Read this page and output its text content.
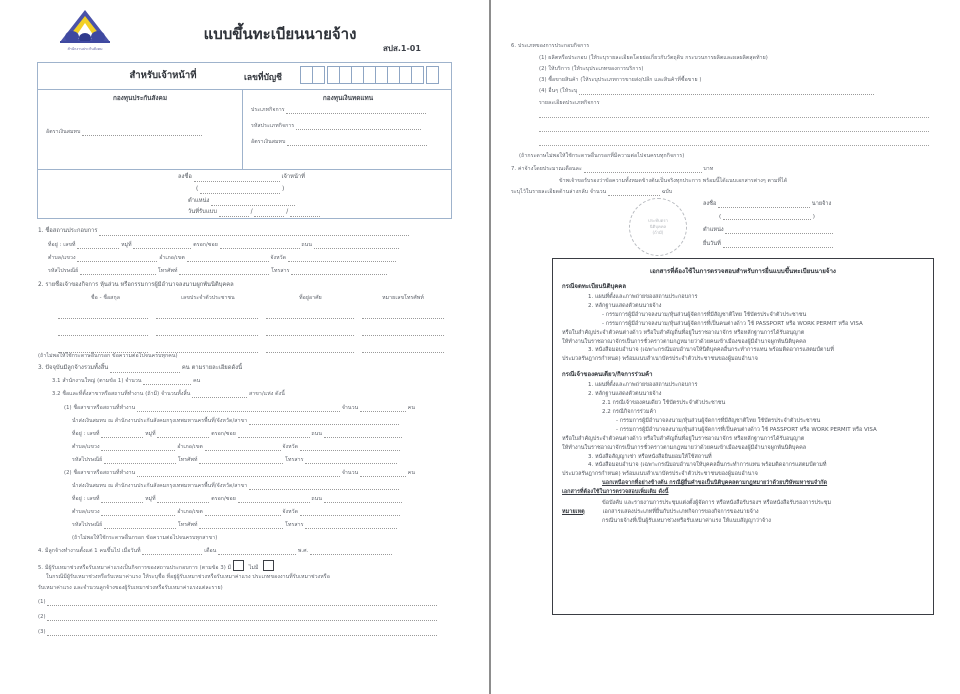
สำนักงานประกันสังคม
แบบขึ้นทะเบียนนายจ้าง
สปส.1-01
สำหรับเจ้าหน้าที่	เลขที่บัญชี
กองทุนประกันสังคม
อัตราเงินสมทบ
กองทุนเงินทดแทน
ประเภทกิจการ
รหัสประเภทกิจการ
อัตราเงินสมทบ
ลงชื่อ	เจ้าหน้าที่
(	)
ตำแหน่ง
วันที่รับแบบ	/	/
1. ชื่อสถานประกอบการ
ที่อยู่ : เลขที่	หมู่ที่	ตรอก/ซอย	ถนน
ตำบล/แขวง	อำเภอ/เขต	จังหวัด
รหัสไปรษณีย์	โทรศัพท์	โทรสาร
2. รายชื่อเจ้าของกิจการ หุ้นส่วน หรือกรรมการผู้มีอำนาจลงนามผูกพันนิติบุคคล
ชื่อ - ชื่อสกุล	เลขประจำตัวประชาชน	ที่อยู่อาศัย	หมายเลขโทรศัพท์
(ถ้าไม่พอให้ใช้กระดาษอื่นกรอก ข้อความต่อไปจนครบทุกคน)
3. ปัจจุบันมีลูกจ้างรวมทั้งสิ้น	คน ตามรายละเอียดดังนี้
3.1 สำนักงานใหญ่ (ตามข้อ 1) จำนวน	คน
3.2 ชื่อและที่ตั้งสาขาหรือสถานที่ทำงาน (ถ้ามี) จำนวนทั้งสิ้น	สาขา/แห่ง ดังนี้
(1) ชื่อสาขาหรือสถานที่ทำงาน	จำนวน	คน
นำส่งเงินสมทบ ณ สำนักงานประกันสังคมกรุงเทพมหานครพื้นที่/จังหวัด/สาขา
ที่อยู่ : เลขที่	หมู่ที่	ตรอก/ซอย	ถนน
ตำบล/แขวง	อำเภอ/เขต	จังหวัด
รหัสไปรษณีย์	โทรศัพท์	โทรสาร
(2) ชื่อสาขาหรือสถานที่ทำงาน	จำนวน	คน
นำส่งเงินสมทบ ณ สำนักงานประกันสังคมกรุงเทพมหานครพื้นที่/จังหวัด/สาขา
ที่อยู่ : เลขที่	หมู่ที่	ตรอก/ซอย	ถนน
ตำบล/แขวง	อำเภอ/เขต	จังหวัด
รหัสไปรษณีย์	โทรศัพท์	โทรสาร
(ถ้าไม่พอให้ใช้กระดาษอื่นกรอก ข้อความต่อไปจนครบทุกสาขา)
4. มีลูกจ้างทำงานตั้งแต่ 1 คนขึ้นไป เมื่อวันที่	เดือน	พ.ศ.
5. มีผู้รับเหมาช่วงหรือรับเหมาค่าแรงเป็นกิจการของสถานประกอบการ (ตามข้อ 3) มี	ไม่มี
ในกรณีมีผู้รับเหมาช่วงหรือรับเหมาค่าแรง ให้ระบุชื่อ ที่อยู่ผู้รับเหมาช่วงหรือรับเหมาค่าแรง ประเภทของงานที่รับเหมาช่วงหรือ
รับเหมาค่าแรง และจำนวนลูกจ้างของผู้รับเหมาช่วงหรือรับเหมาค่าแรงแต่ละราย)
(1)
(2)
(3)
6. ประเภทของการประกอบกิจการ
(1) ผลิตหรือประกอบ (ให้ระบุรายละเอียดโดยย่อเกี่ยวกับวัตถุดิบ กระบวนการผลิตและผลผลิตสุดท้าย)
(2) ให้บริการ (ให้ระบุประเภทของการบริการ)
(3) ซื้อขายสินค้า (ให้ระบุประเภทการขายส่ง/ปลีก และสินค้าที่ซื้อขาย )
(4) อื่นๆ (ให้ระบุ
รายละเอียดประเภทกิจการ
(ถ้ากระดาษไม่พอให้ใช้กระดาษอื่นกรอกที่มีความต่อไปจนครบทุกกิจการ)
7. ค่าจ้างโดยประมาณเดือนละ	บาท
ข้าพเจ้าขอรับรองว่าข้อความทั้งหมดข้างต้นเป็นจริงทุกประการ พร้อมนี้ได้แนบเอกสารต่างๆ ตามที่ได้
ระบุไว้ในรายละเอียดด้านล่างกลับ จำนวน	ฉบับ
ประทับตรา
นิติบุคคล
(ถ้ามี)
ลงชื่อ	นายจ้าง
(	)
ตำแหน่ง
ยื่นวันที่
เอกสารที่ต้องใช้ในการตรวจสอบสำหรับการยื่นแบบขึ้นทะเบียนนายจ้าง
กรณีจดทะเบียนนิติบุคคล
1. แผนที่ตั้งและภาพถ่ายของสถานประกอบการ
2. หลักฐานแสดงตัวตนนายจ้าง
- กรรมการผู้มีอำนาจลงนาม/หุ้นส่วนผู้จัดการที่มีสัญชาติไทย ใช้บัตรประจำตัวประชาชน
- กรรมการผู้มีอำนาจลงนาม/หุ้นส่วนผู้จัดการที่เป็นคนต่างด้าว ใช้ PASSPORT หรือ WORK PERMIT หรือ VISA
หรือใบสำคัญประจำตัวคนต่างด้าว หรือใบสำคัญถิ่นที่อยู่ในราชอาณาจักร หรือหลักฐานการได้รับอนุญาต
ให้ทำงานในราชอาณาจักรเป็นการชั่วคราวตามกฎหมายว่าด้วยคนเข้าเมืองของผู้มีอำนาจผูกพันนิติบุคคล
3. หนังสือมอบอำนาจ (เฉพาะกรณีมอบอำนาจให้นิติบุคคลอื่นกระทำการแทน พร้อมติดอากรแสตมป์ตามที่
ประมวลรัษฎากรกำหนด) พร้อมแนบสำเนาบัตรประจำตัวประชาชนของผู้มอบอำนาจ
กรณีเจ้าของคนเดียว/กิจการร่วมค้า
1. แผนที่ตั้งและภาพถ่ายของสถานประกอบการ
2. หลักฐานแสดงตัวตนนายจ้าง
2.1 กรณีเจ้าของคนเดียว ใช้บัตรประจำตัวประชาชน
2.2 กรณีกิจการร่วมค้า
- กรรมการผู้มีอำนาจลงนาม/หุ้นส่วนผู้จัดการที่มีสัญชาติไทย ใช้บัตรประจำตัวประชาชน
- กรรมการผู้มีอำนาจลงนาม/หุ้นส่วนผู้จัดการที่เป็นคนต่างด้าว ใช้ PASSPORT หรือ WORK PERMIT หรือ VISA
หรือใบสำคัญประจำตัวคนต่างด้าว หรือใบสำคัญถิ่นที่อยู่ในราชอาณาจักร หรือหลักฐานการได้รับอนุญาต
ให้ทำงานในราชอาณาจักรเป็นการชั่วคราวตามกฎหมายว่าด้วยคนเข้าเมืองของผู้มีอำนาจผูกพันนิติบุคคล
3. หนังสือสัญญาเช่า หรือหนังสือยินยอมให้ใช้สถานที่
4. หนังสือมอบอำนาจ (เฉพาะกรณีมอบอำนาจให้บุคคลอื่นกระทำการแทน พร้อมติดอากรแสตมป์ตามที่
ประมวลรัษฎากรกำหนด) พร้อมแนบสำเนาบัตรประจำตัวประชาชนของผู้มอบอำนาจ
นอกเหนือจากที่อย่างข้างต้น กรณีผู้ยื่นคำขอเป็นนิติบุคคลตามกฎหมายว่าด้วยบริษัทมหาชนจำกัด
เอกสารที่ต้องใช้ในการตรวจสอบเพิ่มเติม ดังนี้
ข้อบังคับ และรายงานการประชุมแต่งตั้งผู้จัดการ หรือหนังสือรับรองฯ หรือหนังสือรับรองการประชุม
หมายเหตุ	เอกสารแสดงประเภทที่ยื่นกับประเภทกิจการของกิจการของนายจ้าง
กรณีนายจ้างที่เป็นผู้รับเหมาช่วงหรือรับเหมาค่าแรง ให้แนบสัญญาว่าจ้าง
